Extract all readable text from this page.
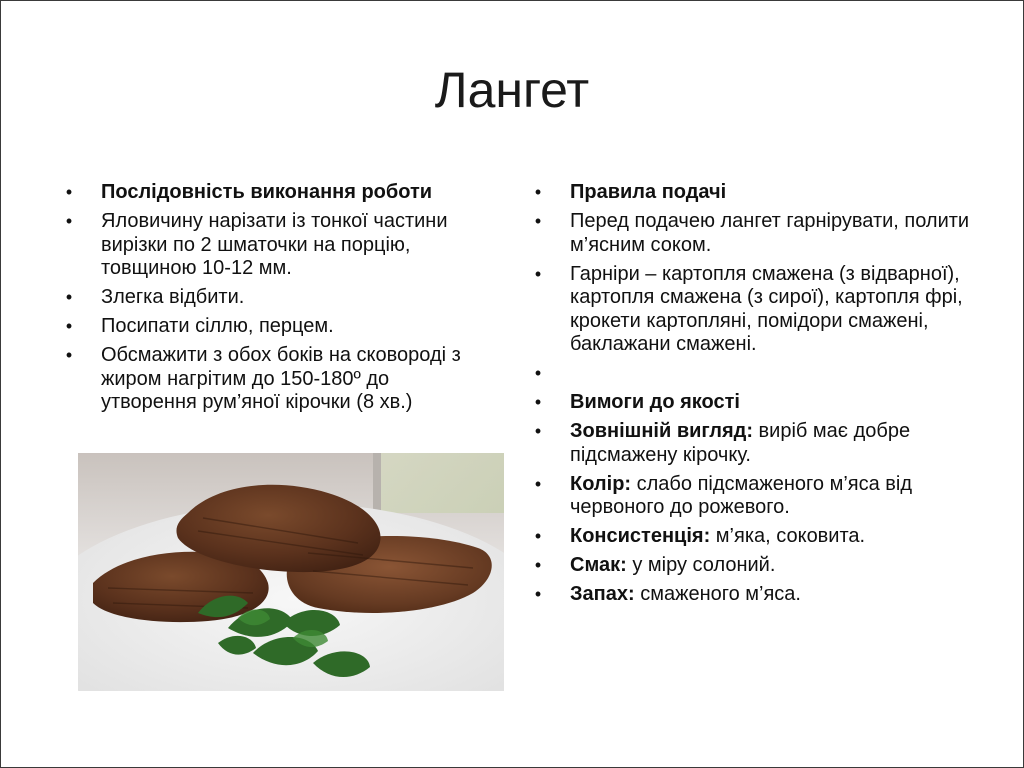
Лангет
•	Послідовність виконання роботи
•	Яловичину нарізати із тонкої частини вирізки по 2 шматочки на порцію, товщиною 10-12 мм.
•	Злегка відбити.
•	Посипати сіллю, перцем.
•	Обсмажити з обох боків на сковороді з жиром нагрітим до 150-180º до утворення рум’яної кірочки (8 хв.)
•	Правила подачі
•	Перед подачею лангет гарнірувати, полити м’ясним соком.
•	Гарніри – картопля смажена (з відварної), картопля смажена (з сирої), картопля фрі, крокети картопляні, помідори смажені, баклажани смажені.
•
•	Вимоги до якості
•	Зовнішній вигляд: виріб має добре підсмажену кірочку.
•	Колір: слабо підсмаженого м’яса від червоного до рожевого.
•	Консистенція: м’яка, соковита.
•	Смак: у міру солоний.
•	Запах: смаженого м’яса.
